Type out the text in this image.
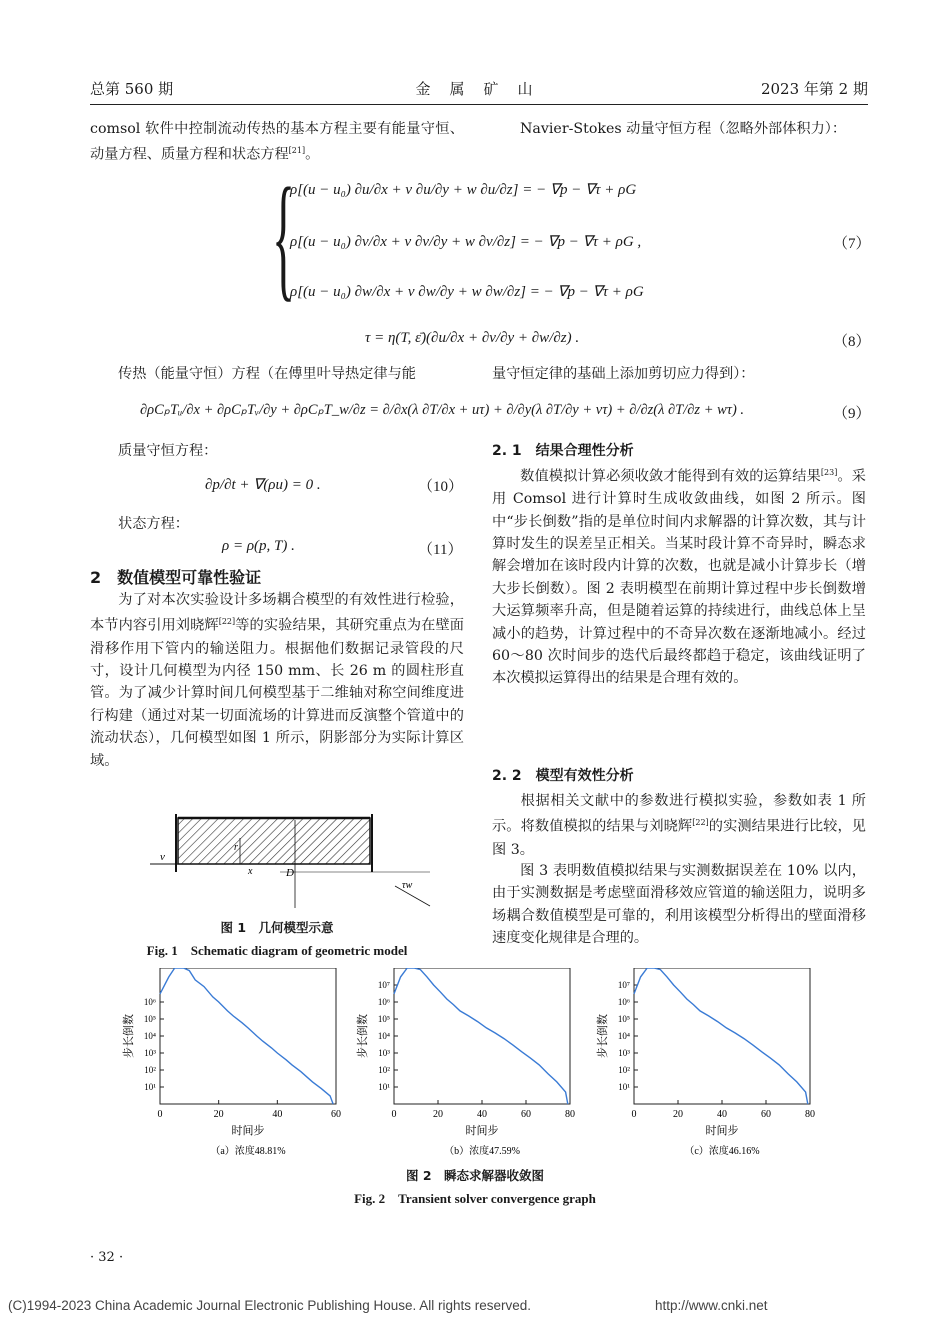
总第 560 期	金　属　矿　山	2023 年第 2 期
comsol 软件中控制流动传热的基本方程主要有能量守恒、动量方程、质量方程和状态方程[21]。
Navier-Stokes 动量守恒方程（忽略外部体积力）：
{
ρ[(u − u₀) ∂u/∂x + ν ∂u/∂y + w ∂u/∂z] = − ∇p − ∇τ + ρG
ρ[(u − u₀) ∂ν/∂x + ν ∂ν/∂y + w ∂ν/∂z] = − ∇p − ∇τ + ρG ,
ρ[(u − u₀) ∂w/∂x + ν ∂w/∂y + w ∂w/∂z] = − ∇p − ∇τ + ρG
（7）
τ = η(T, ε̄)(∂u/∂x + ∂ν/∂y + ∂w/∂z) .	（8）
传热（能量守恒）方程（在傅里叶导热定律与能	量守恒定律的基础上添加剪切应力得到）：
∂ρCₚTᵤ/∂x + ∂ρCₚTᵥ/∂y + ∂ρCₚT_w/∂z = ∂/∂x(λ ∂T/∂x + uτ) + ∂/∂y(λ ∂T/∂y + ντ) + ∂/∂z(λ ∂T/∂z + wτ) .	（9）
质量守恒方程：
∂p/∂t + ∇(ρu) = 0 .	（10）
状态方程：
ρ = ρ(p, T) .	（11）
2　数值模型可靠性验证
为了对本次实验设计多场耦合模型的有效性进行检验，本节内容引用刘晓辉[22]等的实验结果，其研究重点为在壁面滑移作用下管内的输送阻力。根据他们数据记录管段的尺寸，设计几何模型为内径 150 mm、长 26 m 的圆柱形直管。为了减少计算时间几何模型基于二维轴对称空间维度进行构建（通过对某一切面流场的计算进而反演整个管道中的流动状态），几何模型如图 1 所示，阴影部分为实际计算区域。
v
x
r
D
τw
图 1　几何模型示意
Fig. 1　Schematic diagram of geometric model
2. 1　结果合理性分析
数值模拟计算必须收敛才能得到有效的运算结果[23]。采用 Comsol 进行计算时生成收敛曲线，如图 2 所示。图中“步长倒数”指的是单位时间内求解器的计算次数，其与计算时发生的误差呈正相关。当某时段计算不奇异时，瞬态求解会增加在该时段内计算的次数，也就是减小计算步长（增大步长倒数）。图 2 表明模型在前期计算过程中步长倒数增大运算频率升高，但是随着运算的持续进行，曲线总体上呈减小的趋势，计算过程中的不奇异次数在逐渐地减小。经过 60～80 次时间步的迭代后最终都趋于稳定，该曲线证明了本次模拟运算得出的结果是合理有效的。
2. 2　模型有效性分析
根据相关文献中的参数进行模拟实验，参数如表 1 所示。将数值模拟的结果与刘晓辉[22]的实测结果进行比较，见图 3。
图 3 表明数值模拟结果与实测数据误差在 10% 以内，由于实测数据是考虑壁面滑移效应管道的输送阻力，说明多场耦合数值模型是可靠的，利用该模型分析得出的壁面滑移速度变化规律是合理的。
0	20	40	60
10¹
10²
10³
10⁴
10⁵
10⁶
步长倒数
时间步
（a）浓度48.81%
0	20	40	60	80
10¹
10²
10³
10⁴
10⁵
10⁶
10⁷
步长倒数
时间步
（b）浓度47.59%
0	20	40	60	80
10¹
10²
10³
10⁴
10⁵
10⁶
10⁷
步长倒数
时间步
（c）浓度46.16%
图 2　瞬态求解器收敛图
Fig. 2　Transient solver convergence graph
· 32 ·
(C)1994-2023 China Academic Journal Electronic Publishing House. All rights reserved.	http://www.cnki.net
